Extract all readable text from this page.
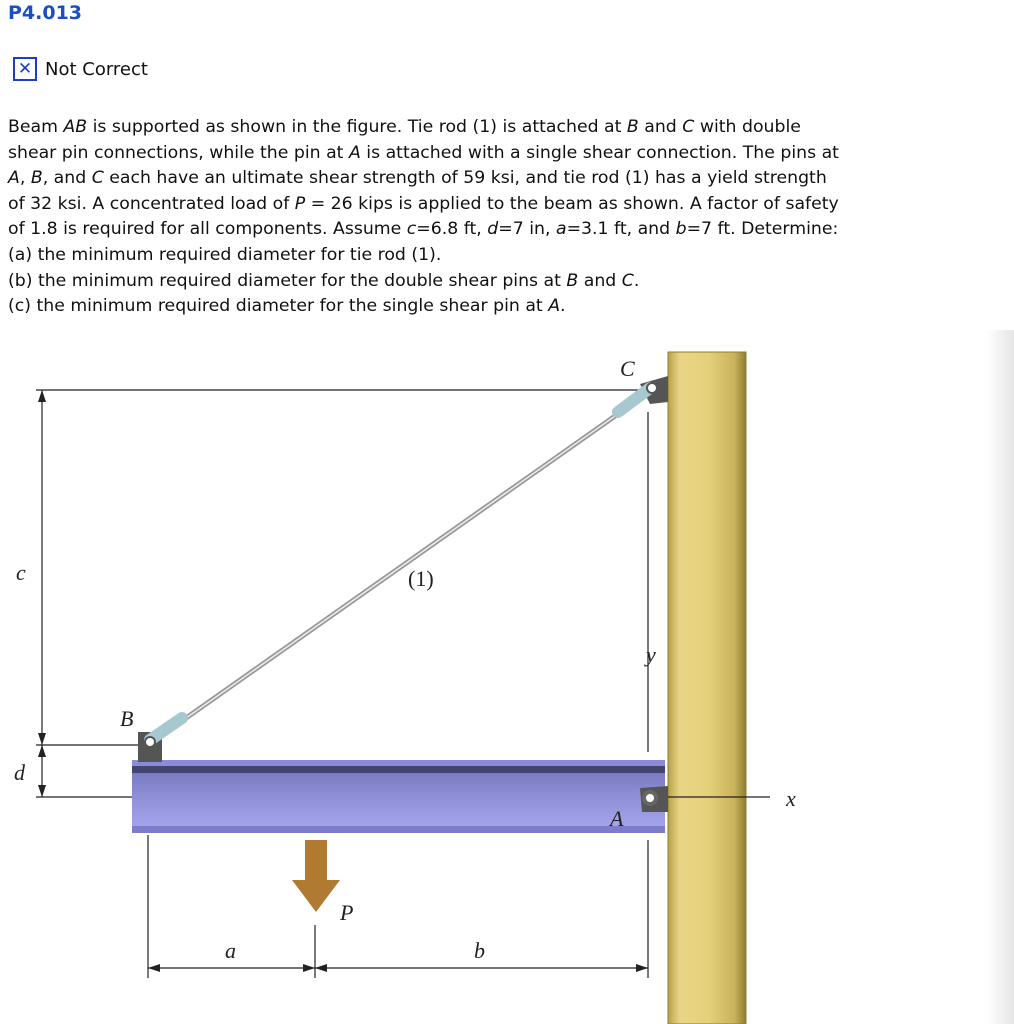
P4.013
✕ Not Correct
Beam AB is supported as shown in the figure. Tie rod (1) is attached at B and C with double
shear pin connections, while the pin at A is attached with a single shear connection. The pins at
A, B, and C each have an ultimate shear strength of 59 ksi, and tie rod (1) has a yield strength
of 32 ksi. A concentrated load of P = 26 kips is applied to the beam as shown. A factor of safety
of 1.8 is required for all components. Assume c=6.8 ft, d=7 in, a=3.1 ft, and b=7 ft. Determine:
(a) the minimum required diameter for tie rod (1).
(b) the minimum required diameter for the double shear pins at B and C.
(c) the minimum required diameter for the single shear pin at A.
C
B
A
(1)
c
d
y
x
P
a	b
